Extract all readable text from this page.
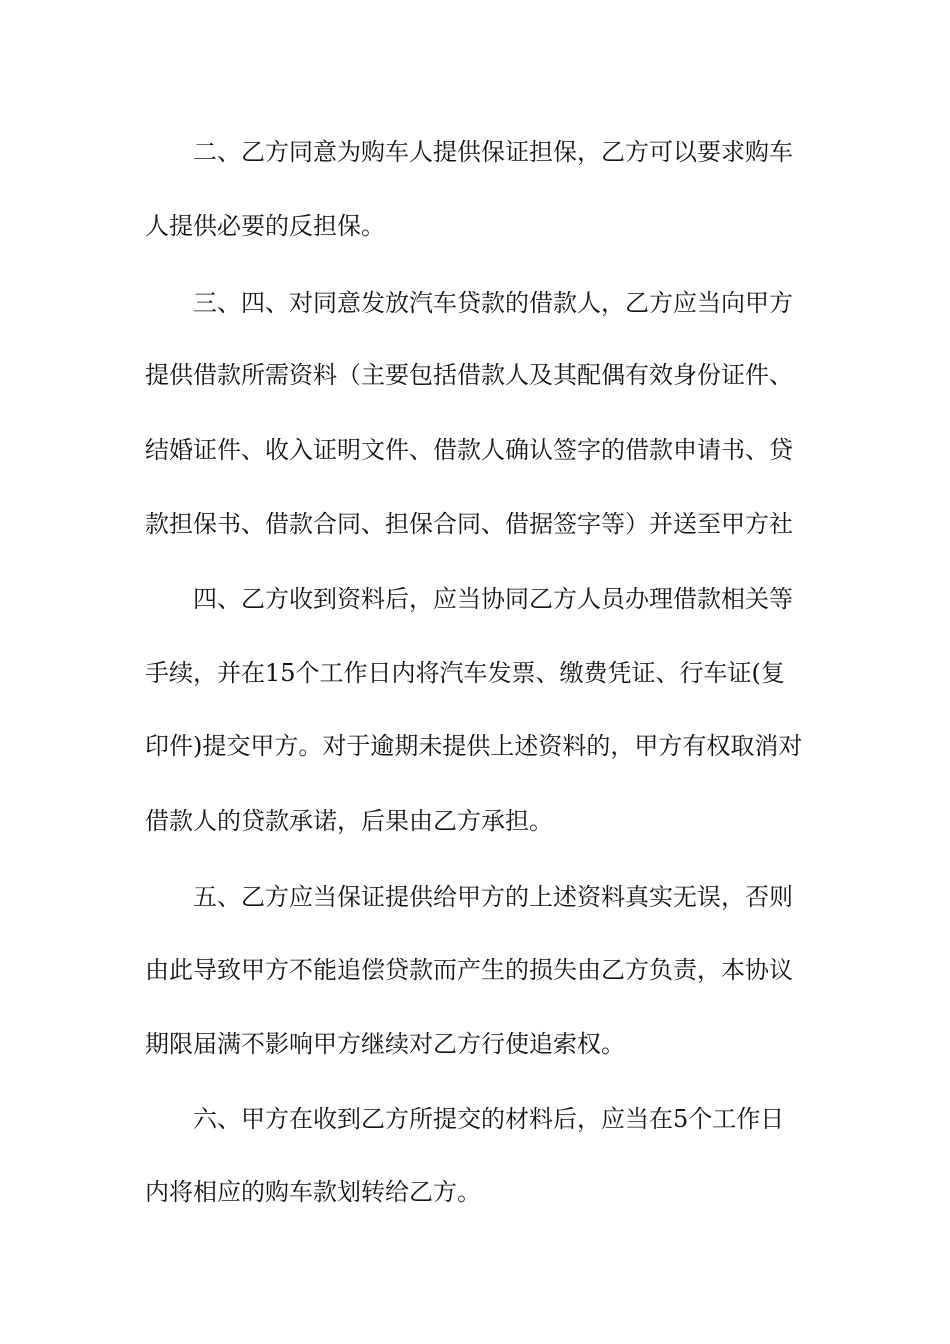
二、乙方同意为购车人提供保证担保，乙方可以要求购车
人提供必要的反担保。
三、四、对同意发放汽车贷款的借款人，乙方应当向甲方
提供借款所需资料（主要包括借款人及其配偶有效身份证件、
结婚证件、收入证明文件、借款人确认签字的借款申请书、贷
款担保书、借款合同、担保合同、借据签字等）并送至甲方社
四、乙方收到资料后，应当协同乙方人员办理借款相关等
手续，并在15个工作日内将汽车发票、缴费凭证、行车证(复
印件)提交甲方。对于逾期未提供上述资料的，甲方有权取消对
借款人的贷款承诺，后果由乙方承担。
五、乙方应当保证提供给甲方的上述资料真实无误，否则
由此导致甲方不能追偿贷款而产生的损失由乙方负责，本协议
期限届满不影响甲方继续对乙方行使追索权。
六、甲方在收到乙方所提交的材料后，应当在5个工作日
内将相应的购车款划转给乙方。
